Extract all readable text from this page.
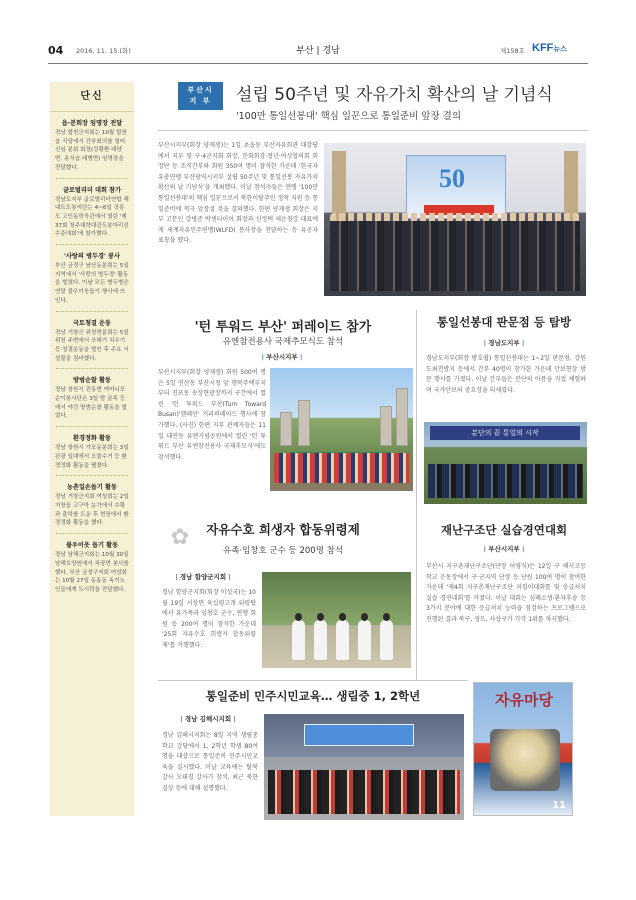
04 2016. 11. 15.(화)	부산 | 경남	제158호 KFF뉴스
단신
읍·분회장 임명장 전달
경남 합천군지회는 10월 합천읍 식당에서 간부회의를 열어 신임 분회 회장(강황환·대양면, 송식습·대병면) 임명장을 전달했다.
글로벌리더 대회 참가
경남도지부 글로벌리더연합 해내트도봉지단는 4~6일 강릉도 고인동학곡관에서 열린 '제37회 청주대학대관도봉아리선수준대회'에 참가했다.
'사랑의 병두경' 봉사
부산 금정구 남산동분회는 5일 지역에서 '사랑의 병두경' 활동을 벌였다. 이날 모든 병두병은 연말 불우이웃돕기 행사에 쓰인다.
국토청결 운동
경남 거창군 위천면분회는 5일 위천 주변에서 쓰레기 치우기 등 청결운동을 벌인 후 주요 시설물을 점비했다.
방범순찰 활동
경남 창원시 진동면 여어니포순이봉사단은 3일 밤 골목 등에서 야간 방범순찰 활동을 벌였다.
환경정화 활동
경남 창원시 가포동분회는 3일 관광 일대에서 오물수거 등 환경정화 활동을 펼쳤다.
농촌일손돕기 활동
경남 거창군지회 여성회는 2일 거창읍 고구마 농가에서 수확과 출하를 도운 후 현장에서 환경정화 활동을 했다.
불우이웃 돕기 활동
경남 남해군지회는 10월 30일 남해요양원에서 차장면 봉사를 했다. 부산 금정구지회 여성회는 10월 27일 동동동 독거노인들에게 도시락을 전달했다.
부산시
지 부	설립 50주년 및 자유가치 확산의 날 기념식
'100만 통일선봉대' 핵심 일꾼으로 통일준비 앞장 결의

부산시지부(회장 양재생)는 1일 초읍동 부산자유회관 대강당에서 지부 및 구·4군지회 회장, 분회회장·청년·여성협의회 회장단 등 조직간부와 회원 350여 명이 참석한 가운데 '한국자유총연맹 부산광역시지부 설립 50주년 및 통일선봉 자유가치 확산의 날 기념식'을 개최했다. 이날 참석자들은 연맹 '100만 통일선봉대'의 핵심 일꾼으로서 북한이탈주민 정착 지원 등 통일준비에 적극 앞장설 것을 결의했다. 한편 양재생 회장은 지부 고문인 강병준 박센터이어 회장과 신정택 세운철강 대표에게 세계자유민주연맹(WLFD) 봉사장을 전달하는 등 유공자 표창을 했다.

50
'턴 투워드 부산' 퍼레이드 참가
유엔참전용사 국제추모식도 참석
| 부산시지부 |

부산시지부(회장 양재생) 회원 500여 명은 5일 연산동 부산시청 앞 행복주택부지부터 진포동 송상현광장까지 구간에서 열린 '턴 투워드 부산(Turn Toward Busan)'캠페인' 거리퍼레이드 행사에 참가했다. (사진) 한편 지부 관계자들은 11일 대연동 유엔기념공원에서 열린 '턴 투워드 부산 유엔참전용사 국제추모식'에도 참석했다.

통일선봉대 판문점 등 탐방
| 경남도지부 |

경남도지부(회장 방호쵭) 통일선봉대는 1~2일 판문점, 강원도최전방지 등에서 간부 40명이 참가한 가운데 안보현장 방문 행사를 가졌다. 이날 간부들은 분단의 아픔을 직접 체험하며 국가안보의 중요성을 되새겼다.

분단의 끝 통일의 시작
✿	자유수호 희생자 합동위령제
유족·임창호 군수 등 200명 참석
| 경남 함양군지회 |

경남 함양군지회(회장 이성국)는 10월 19일 서상면 육십령고개 위령탑에서 유가족과 임창호 군수, 연맹 회원 등 200여 명이 참석한 가운데 '25회 자유수호 희생자 합동위령제'를 거행했다.

재난구조단 실습경연대회
| 부산시지부 |

부산시 지구촌재난구조단(단장 허영식)은 12일 구 해사고등학교 운동장에서 구·군지역 단장 등 단원 100여 명이 참여한 가운데 '제4회 지구촌재난구조단 지킴이대회를 및 응급처치 실습 경연대회'를 가졌다. 이날 대회는 심폐소생·환자후송 등 3가지 분야에 대한 응급처치 능력을 점검하는 프로그램으로 진행된 결과 북구, 영도, 사상구가 각각 1위를 차지했다.

통일준비 민주시민교육… 생림중 1, 2학년
| 경남 김해시지회 |

경남 김해시지회는 8일 지역 생림중학교 강당에서 1, 2학년 학생 80여 명을 대상으로 통일준비 민주시민교육을 실시했다. 이날 교육에는 탈북 강사 오태경 강사가 참석, 최근 북한 실상 등에 대해 설명했다.

자유마당
11
